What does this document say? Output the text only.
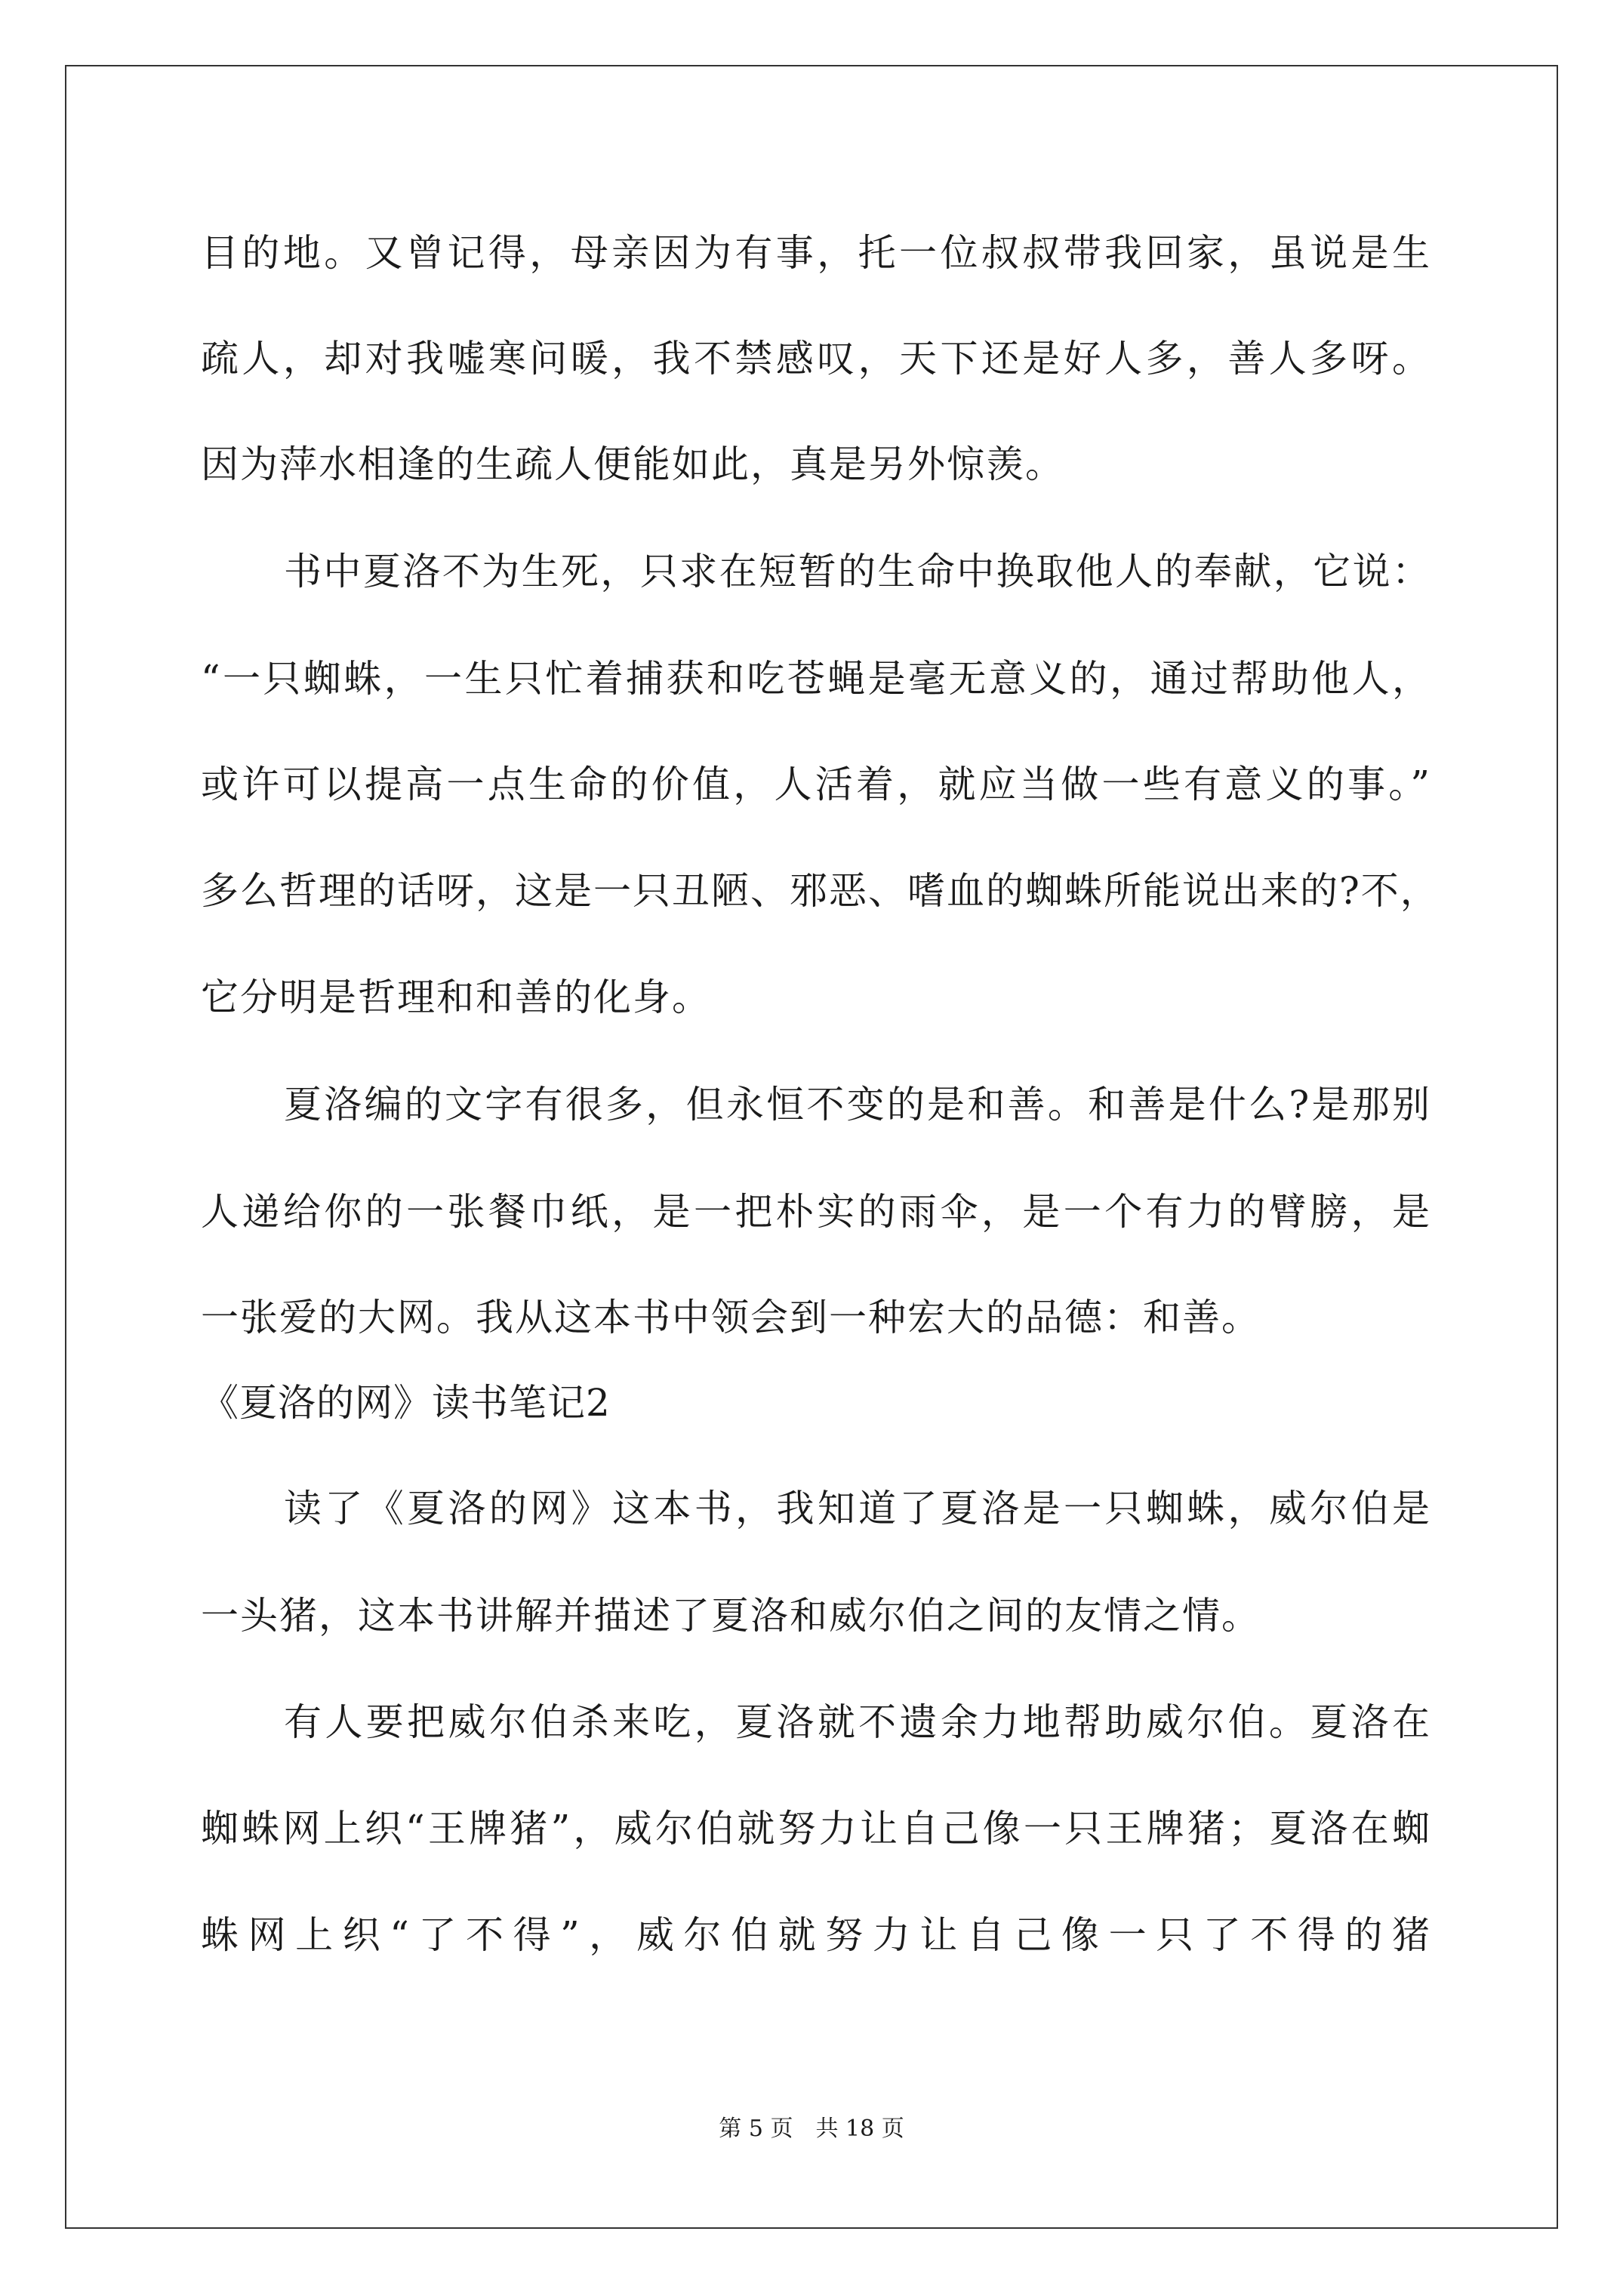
目的地。又曾记得，母亲因为有事，托一位叔叔带我回家，虽说是生
疏人，却对我嘘寒问暖，我不禁感叹，天下还是好人多，善人多呀。
因为萍水相逢的生疏人便能如此，真是另外惊羡。
书中夏洛不为生死，只求在短暂的生命中换取他人的奉献，它说：
“一只蜘蛛，一生只忙着捕获和吃苍蝇是毫无意义的，通过帮助他人，
或许可以提高一点生命的价值，人活着，就应当做一些有意义的事。”
多么哲理的话呀，这是一只丑陋、邪恶、嗜血的蜘蛛所能说出来的?不，
它分明是哲理和和善的化身。
夏洛编的文字有很多，但永恒不变的是和善。和善是什么?是那别
人递给你的一张餐巾纸，是一把朴实的雨伞，是一个有力的臂膀，是
一张爱的大网。我从这本书中领会到一种宏大的品德：和善。
《夏洛的网》读书笔记2
读了《夏洛的网》这本书，我知道了夏洛是一只蜘蛛，威尔伯是
一头猪，这本书讲解并描述了夏洛和威尔伯之间的友情之情。
有人要把威尔伯杀来吃，夏洛就不遗余力地帮助威尔伯。夏洛在
蜘蛛网上织“王牌猪”，威尔伯就努力让自己像一只王牌猪；夏洛在蜘
蛛网上织“了不得”，威尔伯就努力让自己像一只了不得的猪
第 5 页　共 18 页
